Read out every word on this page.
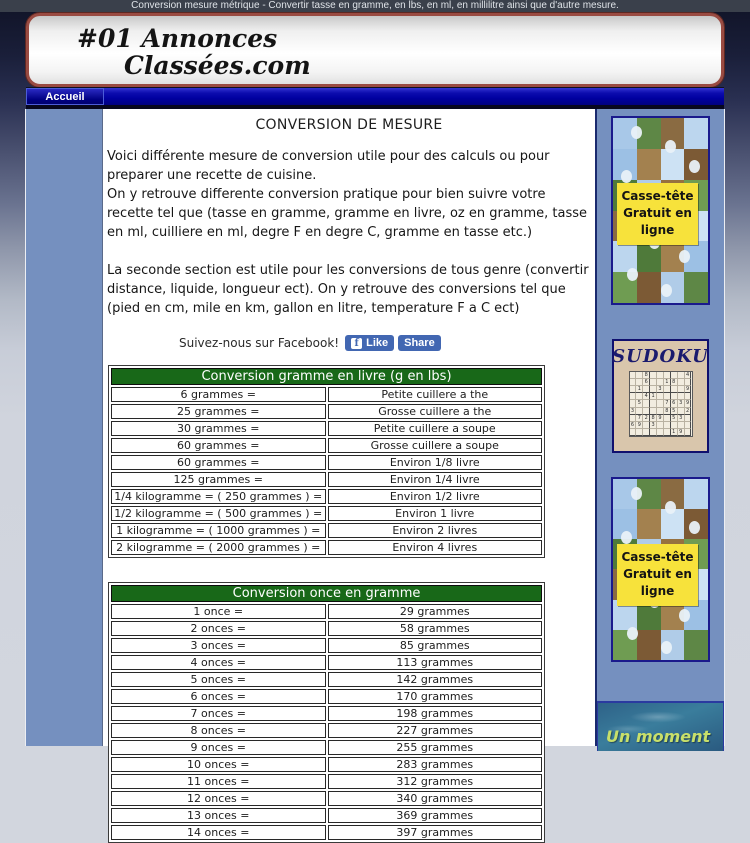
Conversion mesure métrique - Convertir tasse en gramme, en lbs, en ml, en millilitre ainsi que d'autre mesure.
#01 Annonces
Classées.com
Accueil
CONVERSION DE MESURE
Voici différente mesure de conversion utile pour des calculs ou pour preparer une recette de cuisine.
On y retrouve differente conversion pratique pour bien suivre votre recette tel que (tasse en gramme, gramme en livre, oz en gramme, tasse en ml, cuilliere en ml, degre F en degre C, gramme en tasse etc.)
La seconde section est utile pour les conversions de tous genre (convertir distance, liquide, longueur ect). On y retrouve des conversions tel que (pied en cm, mile en km, gallon en litre, temperature F a C ect)
Suivez-nous sur Facebook!	f Like Share
Conversion gramme en livre (g en lbs)	
6 grammes =	Petite cuillere a the
25 grammes =	Grosse cuillere a the
30 grammes =	Petite cuillere a soupe
60 grammes =	Grosse cuillere a soupe
60 grammes =	Environ 1/8 livre
125 grammes =	Environ 1/4 livre
1/4 kilogramme = ( 250 grammes ) =	Environ 1/2 livre
1/2 kilogramme = ( 500 grammes ) =	Environ 1 livre
1 kilogramme = ( 1000 grammes ) =	Environ 2 livres
2 kilogramme = ( 2000 grammes ) =	Environ 4 livres
Conversion once en gramme	
1 once =	29 grammes
2 onces =	58 grammes
3 onces =	85 grammes
4 onces =	113 grammes
5 onces =	142 grammes
6 onces =	170 grammes
7 onces =	198 grammes
8 onces =	227 grammes
9 onces =	255 grammes
10 onces =	283 grammes
11 onces =	312 grammes
12 onces =	340 grammes
13 onces =	369 grammes
14 onces =	397 grammes
Casse-tête
Gratuit en ligne
SUDOKU
8	4
6	1 8
1	3	9
4 1
5	7 6 3 9
3	8 5	2
7 2 8 9	5 3
6 9	3
1 9
Casse-tête
Gratuit en ligne
Un moment
